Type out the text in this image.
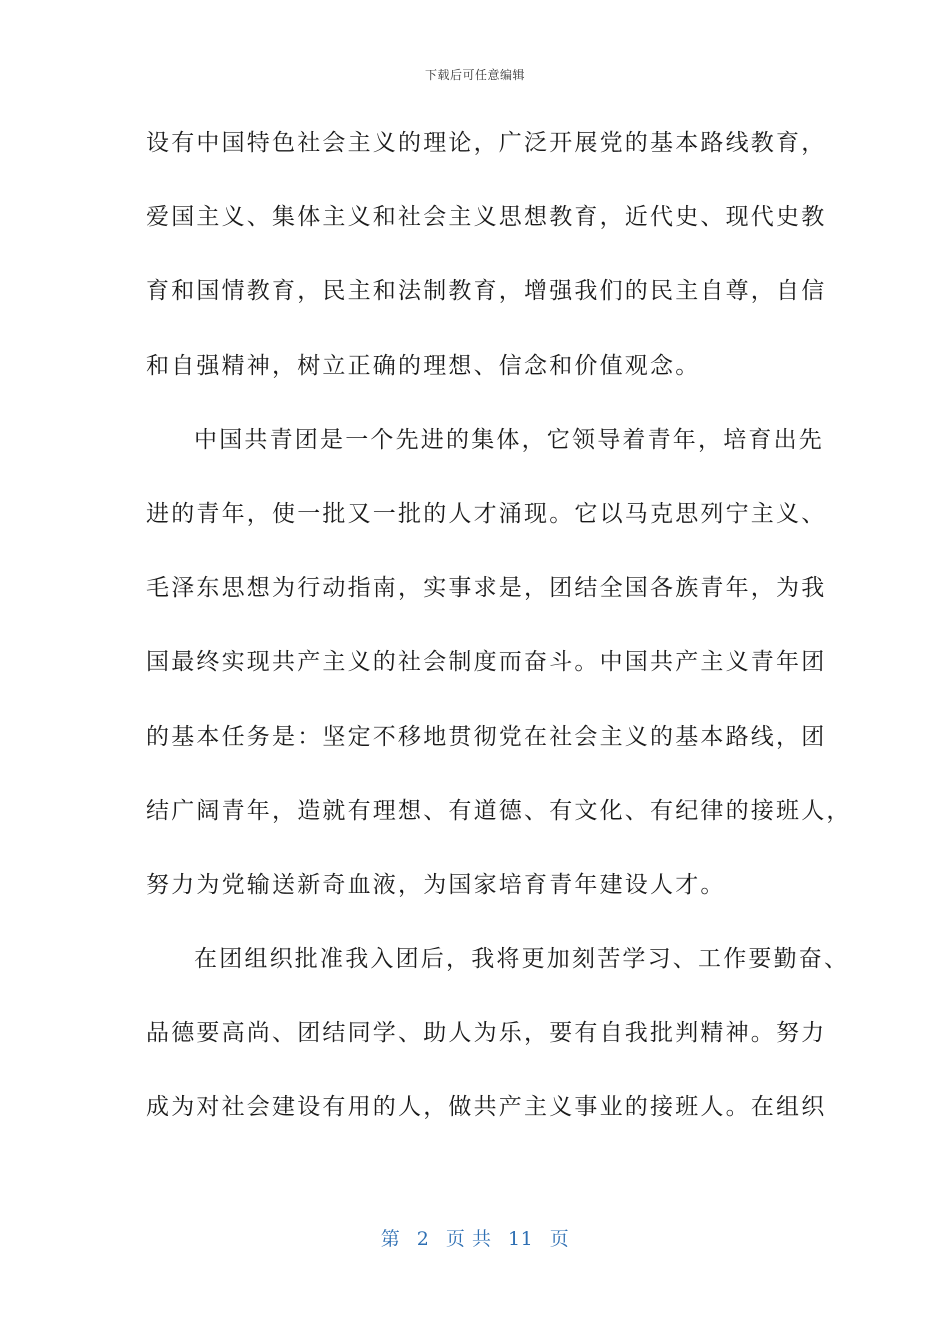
下载后可任意编辑
设有中国特色社会主义的理论，广泛开展党的基本路线教育，
爱国主义、集体主义和社会主义思想教育，近代史、现代史教
育和国情教育，民主和法制教育，增强我们的民主自尊，自信
和自强精神，树立正确的理想、信念和价值观念。
中国共青团是一个先进的集体，它领导着青年，培育出先
进的青年，使一批又一批的人才涌现。它以马克思列宁主义、
毛泽东思想为行动指南，实事求是，团结全国各族青年，为我
国最终实现共产主义的社会制度而奋斗。中国共产主义青年团
的基本任务是：坚定不移地贯彻党在社会主义的基本路线，团
结广阔青年，造就有理想、有道德、有文化、有纪律的接班人，
努力为党输送新奇血液，为国家培育青年建设人才。
在团组织批准我入团后，我将更加刻苦学习、工作要勤奋、
品德要高尚、团结同学、助人为乐，要有自我批判精神。努力
成为对社会建设有用的人，做共产主义事业的接班人。在组织
第 2 页 共 11 页
